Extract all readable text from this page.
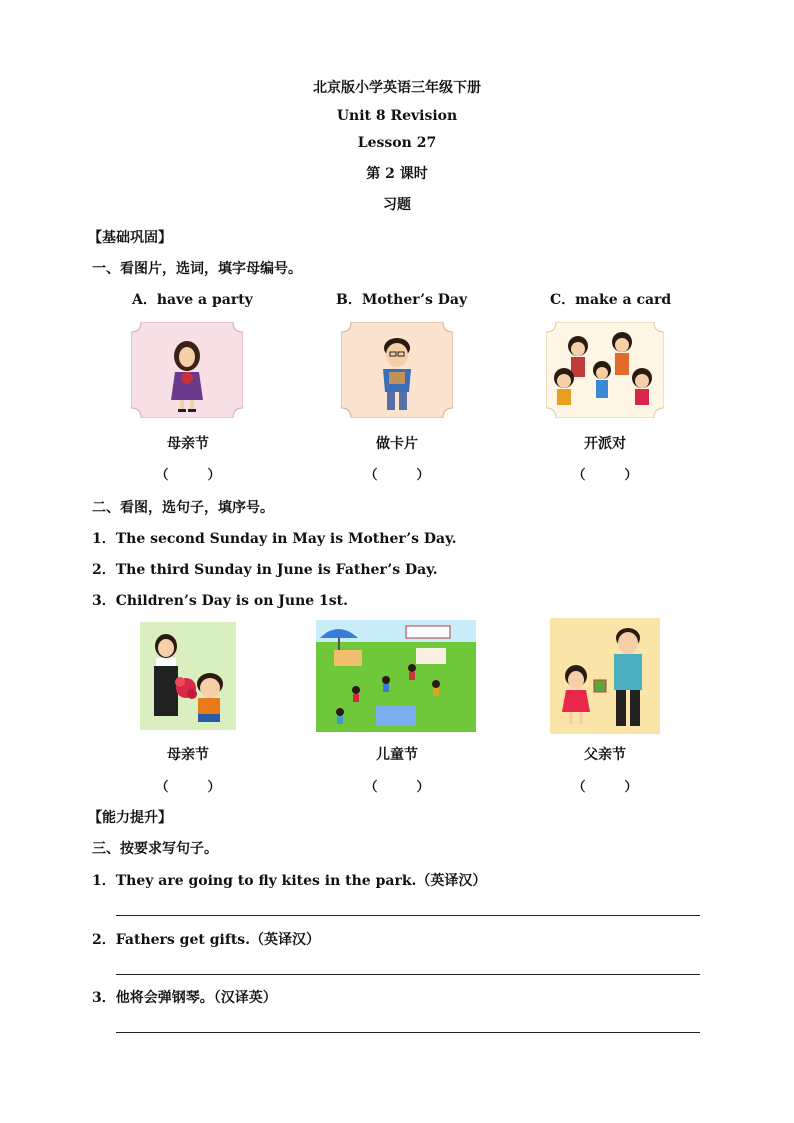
北京版小学英语三年级下册
Unit 8 Revision
Lesson 27
第 2 课时
习题
【基础巩固】
一、看图片，选词，填字母编号。
A．have a party	B．Mother’s Day	C．make a card
母亲节	做卡片	开派对
（　　　）	（　　　）	（　　　）
二、看图，选句子，填序号。
1．The second Sunday in May is Mother’s Day.
2．The third Sunday in June is Father’s Day.
3．Children’s Day is on June 1st.
母亲节	儿童节	父亲节
（　　　）	（　　　）	（　　　）
【能力提升】
三、按要求写句子。
1．They are going to fly kites in the park.（英译汉）
2．Fathers get gifts.（英译汉）
3．他将会弹钢琴。（汉译英）
